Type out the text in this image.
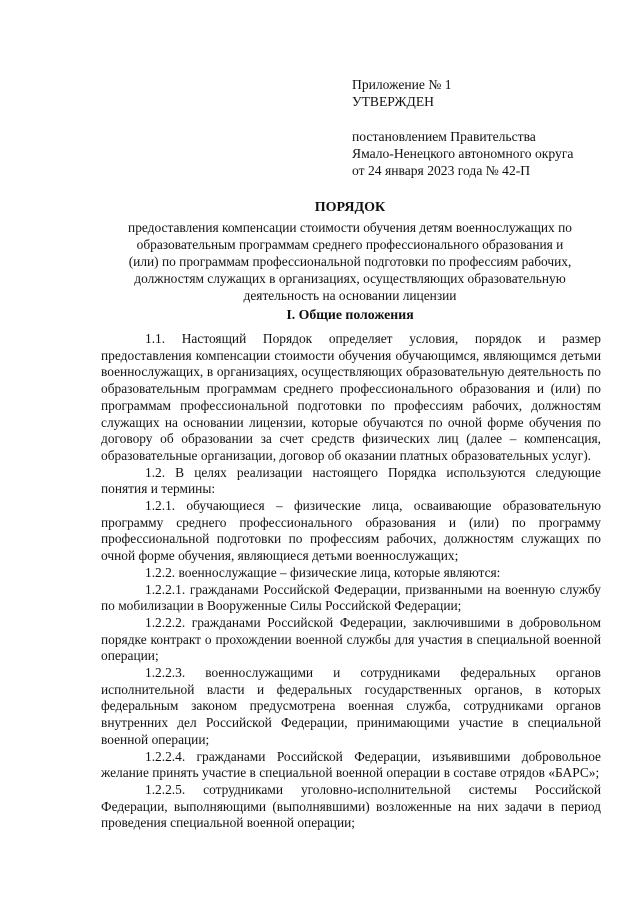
Приложение № 1
УТВЕРЖДЕН
постановлением Правительства
Ямало-Ненецкого автономного округа
от 24 января 2023 года № 42-П
ПОРЯДОК
предоставления компенсации стоимости обучения детям военнослужащих по
образовательным программам среднего профессионального образования и
(или) по программам профессиональной подготовки по профессиям рабочих,
должностям служащих в организациях, осуществляющих образовательную
деятельность на основании лицензии
I. Общие положения

1.1. Настоящий Порядок определяет условия, порядок и размер предоставления компенсации стоимости обучения обучающимся, являющимся детьми военнослужащих, в организациях, осуществляющих образовательную деятельность по образовательным программам среднего профессионального образования и (или) по программам профессиональной подготовки по профессиям рабочих, должностям служащих на основании лицензии, которые обучаются по очной форме обучения по договору об образовании за счет средств физических лиц (далее – компенсация, образовательные организации, договор об оказании платных образовательных услуг).

1.2. В целях реализации настоящего Порядка используются следующие понятия и термины:

1.2.1. обучающиеся – физические лица, осваивающие образовательную программу среднего профессионального образования и (или) по программу профессиональной подготовки по профессиям рабочих, должностям служащих по очной форме обучения, являющиеся детьми военнослужащих;

1.2.2. военнослужащие – физические лица, которые являются:

1.2.2.1. гражданами Российской Федерации, призванными на военную службу по мобилизации в Вооруженные Силы Российской Федерации;

1.2.2.2. гражданами Российской Федерации, заключившими в добровольном порядке контракт о прохождении военной службы для участия в специальной военной операции;

1.2.2.3. военнослужащими и сотрудниками федеральных органов исполнительной власти и федеральных государственных органов, в которых федеральным законом предусмотрена военная служба, сотрудниками органов внутренних дел Российской Федерации, принимающими участие в специальной военной операции;

1.2.2.4. гражданами Российской Федерации, изъявившими добровольное желание принять участие в специальной военной операции в составе отрядов «БАРС»;

1.2.2.5. сотрудниками уголовно-исполнительной системы Российской Федерации, выполняющими (выполнявшими) возложенные на них задачи в период проведения специальной военной операции;
